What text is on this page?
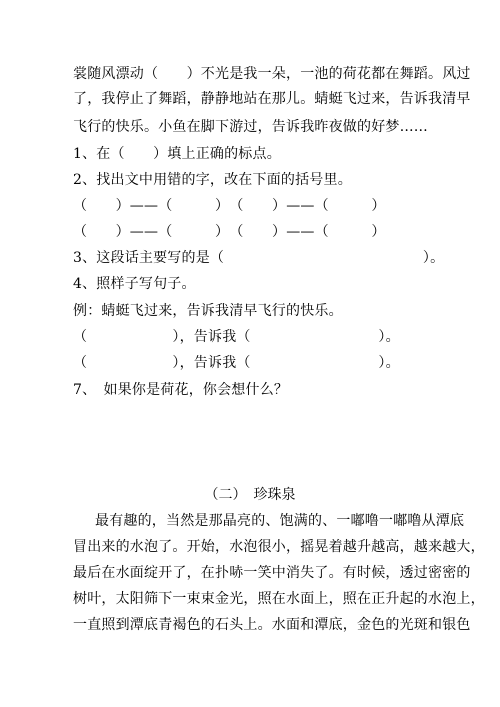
裳随风漂动（　　）不光是我一朵，一池的荷花都在舞蹈。风过
了，我停止了舞蹈，静静地站在那儿。蜻蜓飞过来，告诉我清早
飞行的快乐。小鱼在脚下游过，告诉我昨夜做的好梦……
1、在（　　）填上正确的标点。
2、找出文中用错的字，改在下面的括号里。
（　　）——（　　　）　（　　）——（　　　）
（　　）——（　　　）　（　　）——（　　　）
3、这段话主要写的是（　　　　　　　　　　　　　　）。
4、照样子写句子。
例：蜻蜓飞过来，告诉我清早飞行的快乐。
（　　　　　　），告诉我（　　　　　　　　　）。
（　　　　　　），告诉我（　　　　　　　　　）。
7、　如果你是荷花，你会想什么？
（二）　珍珠泉
最有趣的，当然是那晶亮的、饱满的、一嘟噜一嘟噜从潭底
冒出来的水泡了。开始，水泡很小，摇晃着越升越高，越来越大，
最后在水面绽开了，在扑哧一笑中消失了。有时候，透过密密的
树叶，太阳筛下一束束金光，照在水面上，照在正升起的水泡上，
一直照到潭底青褐色的石头上。水面和潭底，金色的光斑和银色
